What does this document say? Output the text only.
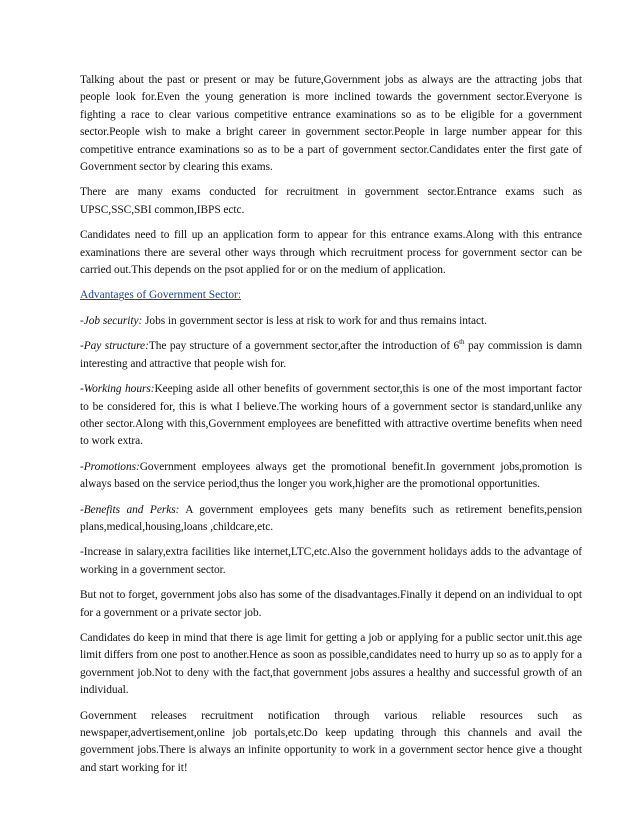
Talking about the past or present or may be future,Government jobs as always are the attracting jobs that people look for.Even the young generation is more inclined towards the government sector.Everyone is fighting a race to clear various competitive entrance examinations so as to be eligible for a government sector.People wish to make a bright career in government sector.People in large number appear for this competitive entrance examinations so as to be a part of government sector.Candidates enter the first gate of Government sector by clearing this exams.

There are many exams conducted for recruitment in government sector.Entrance exams such as UPSC,SSC,SBI common,IBPS ectc.

Candidates need to fill up an application form to appear for this entrance exams.Along with this entrance examinations there are several other ways through which recruitment process for government sector can be carried out.This depends on the psot applied for or on the medium of application.

Advantages of Government Sector:

-Job security: Jobs in government sector is less at risk to work for and thus remains intact.

-Pay structure:The pay structure of a government sector,after the introduction of 6th pay commission is damn interesting and attractive that people wish for.

-Working hours:Keeping aside all other benefits of government sector,this is one of the most important factor to be considered for, this is what I believe.The working hours of a government sector is standard,unlike any other sector.Along with this,Government employees are benefitted with attractive overtime benefits when need to work extra.

-Promotions:Government employees always get the promotional benefit.In government jobs,promotion is always based on the service period,thus the longer you work,higher are the promotional opportunities.

-Benefits and Perks: A government employees gets many benefits such as retirement benefits,pension plans,medical,housing,loans ,childcare,etc.

-Increase in salary,extra facilities like internet,LTC,etc.Also the government holidays adds to the advantage of working in a government sector.

But not to forget, government jobs also has some of the disadvantages.Finally it depend on an individual to opt for a government or a private sector job.

Candidates do keep in mind that there is age limit for getting a job or applying for a public sector unit.this age limit differs from one post to another.Hence as soon as possible,candidates need to hurry up so as to apply for a government job.Not to deny with the fact,that government jobs assures a healthy and successful growth of an individual.

Government releases recruitment notification through various reliable resources such as newspaper,advertisement,online job portals,etc.Do keep updating through this channels and avail the government jobs.There is always an infinite opportunity to work in a government sector hence give a thought and start working for it!
